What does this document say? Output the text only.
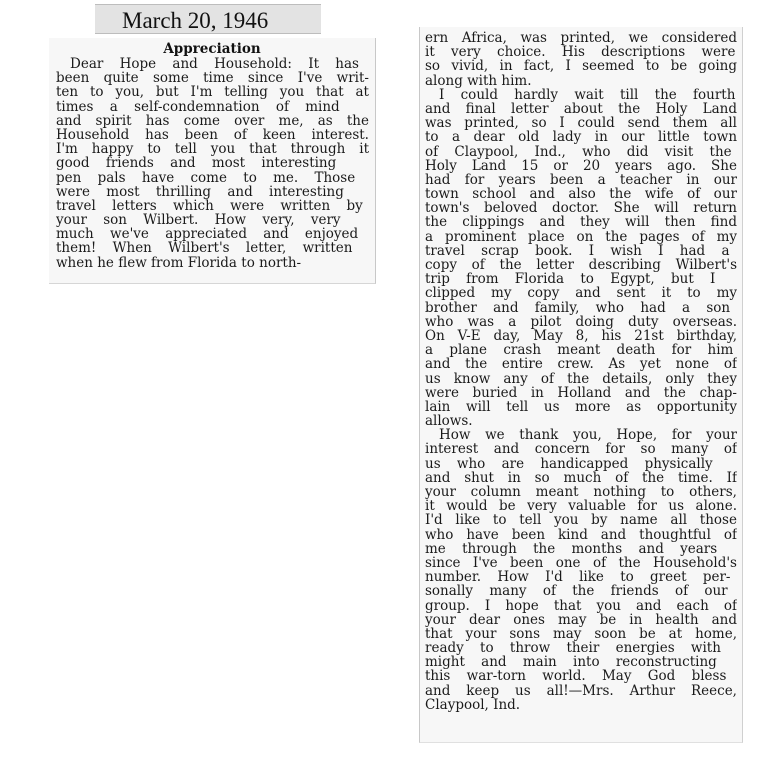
March 20, 1946
Appreciation
Dear Hope and Household: It has
been quite some time since I've writ-
ten to you, but I'm telling you that at
times a self-condemnation of mind
and spirit has come over me, as the
Household has been of keen interest.
I'm happy to tell you that through it
good friends and most interesting
pen pals have come to me. Those
were most thrilling and interesting
travel letters which were written by
your son Wilbert. How very, very
much we've appreciated and enjoyed
them! When Wilbert's letter, written
when he flew from Florida to north-
ern Africa, was printed, we considered
it very choice. His descriptions were
so vivid, in fact, I seemed to be going
along with him.
I could hardly wait till the fourth
and final letter about the Holy Land
was printed, so I could send them all
to a dear old lady in our little town
of Claypool, Ind., who did visit the
Holy Land 15 or 20 years ago. She
had for years been a teacher in our
town school and also the wife of our
town's beloved doctor. She will return
the clippings and they will then find
a prominent place on the pages of my
travel scrap book. I wish I had a
copy of the letter describing Wilbert's
trip from Florida to Egypt, but I
clipped my copy and sent it to my
brother and family, who had a son
who was a pilot doing duty overseas.
On V-E day, May 8, his 21st birthday,
a plane crash meant death for him
and the entire crew. As yet none of
us know any of the details, only they
were buried in Holland and the chap-
lain will tell us more as opportunity
allows.
How we thank you, Hope, for your
interest and concern for so many of
us who are handicapped physically
and shut in so much of the time. If
your column meant nothing to others,
it would be very valuable for us alone.
I'd like to tell you by name all those
who have been kind and thoughtful of
me through the months and years
since I've been one of the Household's
number. How I'd like to greet per-
sonally many of the friends of our
group. I hope that you and each of
your dear ones may be in health and
that your sons may soon be at home,
ready to throw their energies with
might and main into reconstructing
this war-torn world. May God bless
and keep us all!—Mrs. Arthur Reece,
Claypool, Ind.
